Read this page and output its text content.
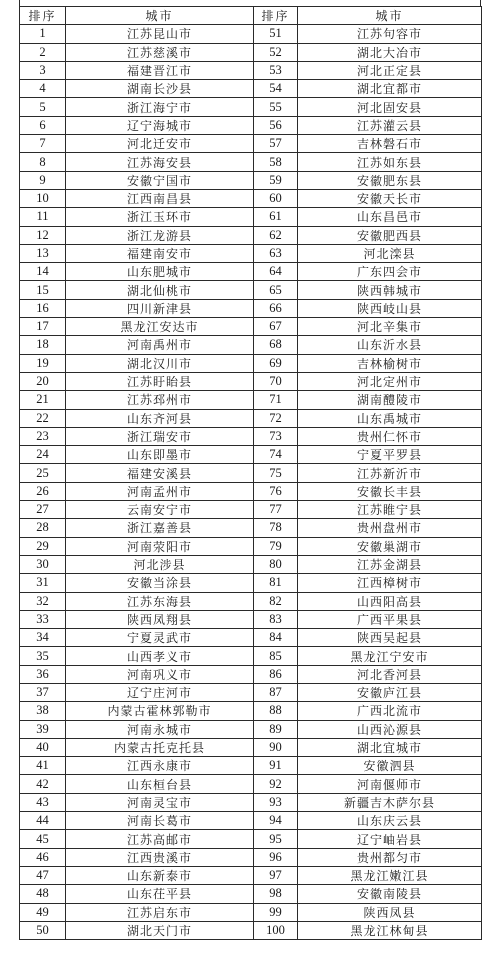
排序	城市	排序	城市
1	江苏昆山市	51	江苏句容市
2	江苏慈溪市	52	湖北大冶市
3	福建晋江市	53	河北正定县
4	湖南长沙县	54	湖北宜都市
5	浙江海宁市	55	河北固安县
6	辽宁海城市	56	江苏灌云县
7	河北迁安市	57	吉林磐石市
8	江苏海安县	58	江苏如东县
9	安徽宁国市	59	安徽肥东县
10	江西南昌县	60	安徽天长市
11	浙江玉环市	61	山东昌邑市
12	浙江龙游县	62	安徽肥西县
13	福建南安市	63	河北滦县
14	山东肥城市	64	广东四会市
15	湖北仙桃市	65	陕西韩城市
16	四川新津县	66	陕西岐山县
17	黑龙江安达市	67	河北辛集市
18	河南禹州市	68	山东沂水县
19	湖北汉川市	69	吉林榆树市
20	江苏盱眙县	70	河北定州市
21	江苏邳州市	71	湖南醴陵市
22	山东齐河县	72	山东禹城市
23	浙江瑞安市	73	贵州仁怀市
24	山东即墨市	74	宁夏平罗县
25	福建安溪县	75	江苏新沂市
26	河南孟州市	76	安徽长丰县
27	云南安宁市	77	江苏睢宁县
28	浙江嘉善县	78	贵州盘州市
29	河南荥阳市	79	安徽巢湖市
30	河北涉县	80	江苏金湖县
31	安徽当涂县	81	江西樟树市
32	江苏东海县	82	山西阳高县
33	陕西凤翔县	83	广西平果县
34	宁夏灵武市	84	陕西吴起县
35	山西孝义市	85	黑龙江宁安市
36	河南巩义市	86	河北香河县
37	辽宁庄河市	87	安徽庐江县
38	内蒙古霍林郭勒市	88	广西北流市
39	河南永城市	89	山西沁源县
40	内蒙古托克托县	90	湖北宜城市
41	江西永康市	91	安徽泗县
42	山东桓台县	92	河南偃师市
43	河南灵宝市	93	新疆吉木萨尔县
44	河南长葛市	94	山东庆云县
45	江苏高邮市	95	辽宁岫岩县
46	江西贵溪市	96	贵州都匀市
47	山东新泰市	97	黑龙江嫩江县
48	山东茌平县	98	安徽南陵县
49	江苏启东市	99	陕西凤县
50	湖北天门市	100	黑龙江林甸县
